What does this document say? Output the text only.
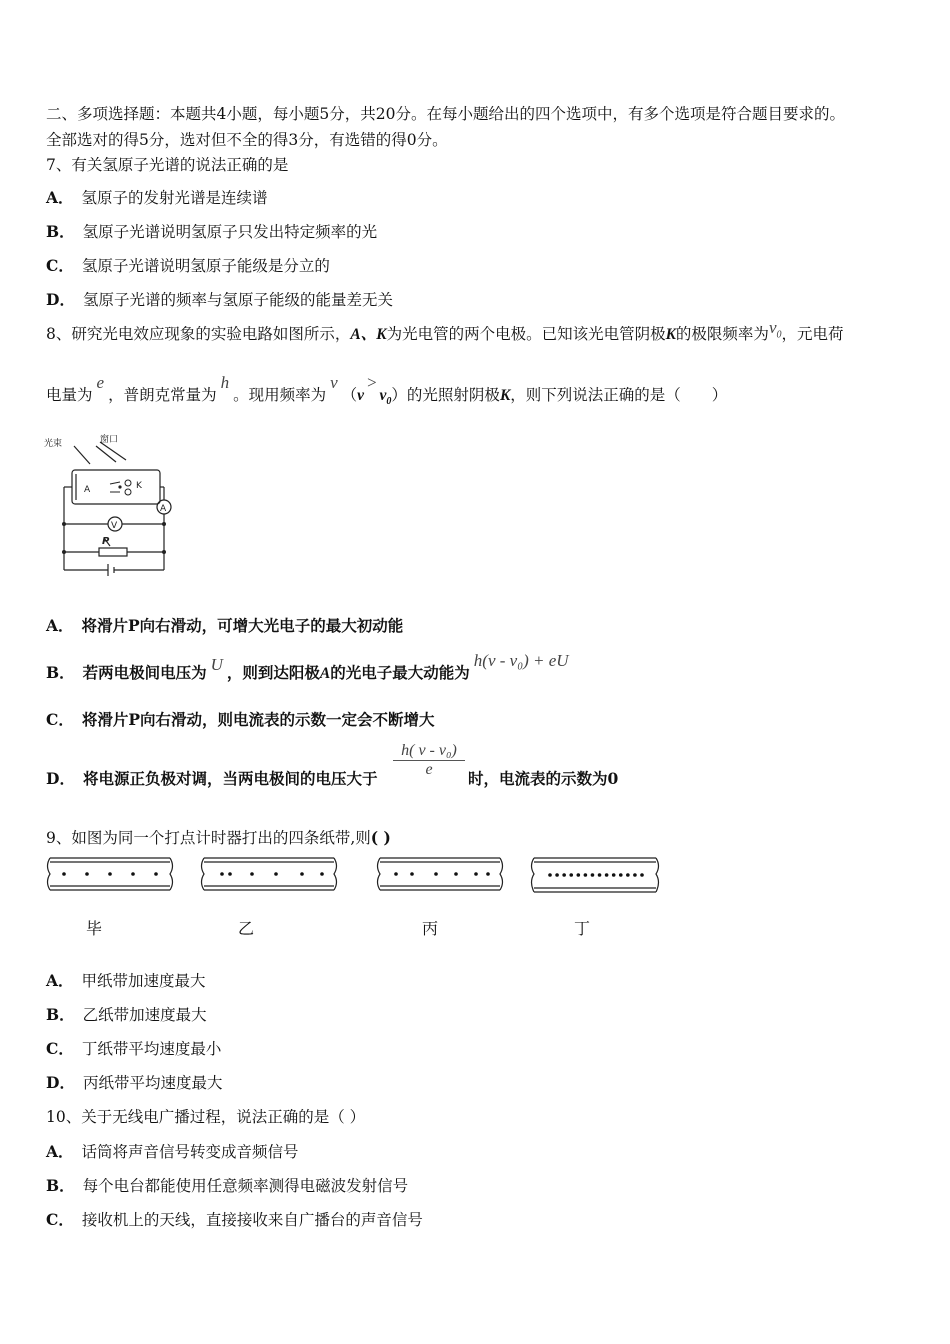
二、多项选择题：本题共4小题，每小题5分，共20分。在每小题给出的四个选项中，有多个选项是符合题目要求的。
全部选对的得5分，选对但不全的得3分，有选错的得0分。
7、有关氢原子光谱的说法正确的是
A． 氢原子的发射光谱是连续谱
B． 氢原子光谱说明氢原子只发出特定频率的光
C． 氢原子光谱说明氢原子能级是分立的
D． 氢原子光谱的频率与氢原子能级的能量差无关
8、研究光电效应现象的实验电路如图所示，A、K为光电管的两个电极。已知该光电管阴极K的极限频率为$\nu_0$，元电荷
电量为e，普朗克常量为h。现用频率为$\nu(\nu>\nu_0)$的光照射阴极K，则下列说法正确的是（　　）
光束	窗口
A	K
A
V
P
A． 将滑片P向右滑动，可增大光电子的最大初动能
B． 若两电极间电压为 U ，则到达阳极A的光电子最大动能为h(ν - ν₀) + eU
C． 将滑片P向右滑动，则电流表的示数一定会不断增大
D． 将电源正负极对调，当两电极间的电压大于 $\frac{\text{h( ν - ν₀)}}{e}$ 时，电流表的示数为0
9、如图为同一个打点计时器打出的四条纸带,则( )
毕	乙	丙	丁
A． 甲纸带加速度最大
B． 乙纸带加速度最大
C． 丁纸带平均速度最小
D． 丙纸带平均速度最大
10、关于无线电广播过程，说法正确的是（ ）
A． 话筒将声音信号转变成音频信号
B． 每个电台都能使用任意频率测得电磁波发射信号
C． 接收机上的天线，直接接收来自广播台的声音信号
